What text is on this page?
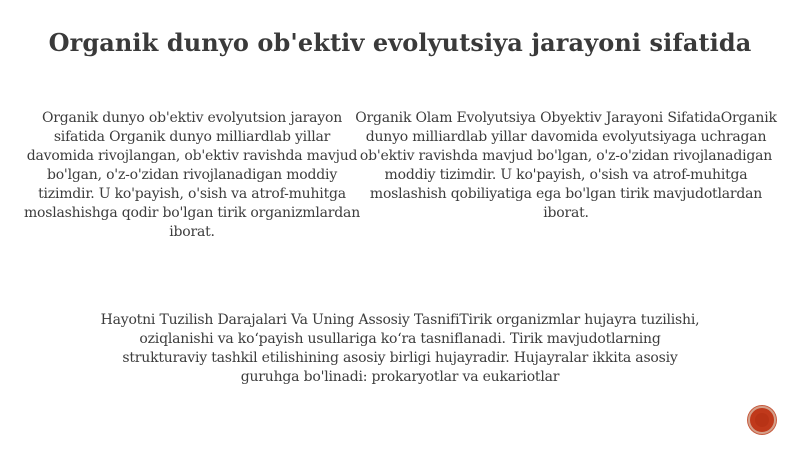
Organik dunyo ob'ektiv evolyutsiya jarayoni sifatida

Organik dunyo ob'ektiv evolyutsion jarayon sifatida Organik dunyo milliardlab yillar davomida rivojlangan, ob'ektiv ravishda mavjud bo'lgan, o'z-o'zidan rivojlanadigan moddiy tizimdir. U ko'payish, o'sish va atrof-muhitga moslashishga qodir bo'lgan tirik organizmlardan iborat.

Organik Olam Evolyutsiya Obyektiv Jarayoni SifatidaOrganik dunyo milliardlab yillar davomida evolyutsiyaga uchragan ob'ektiv ravishda mavjud bo'lgan, o'z-o'zidan rivojlanadigan moddiy tizimdir. U ko'payish, o'sish va atrof-muhitga moslashish qobiliyatiga ega bo'lgan tirik mavjudotlardan iborat.

Hayotni Tuzilish Darajalari Va Uning Assosiy TasnifiTirik organizmlar hujayra tuzilishi, oziqlanishi va ko‘payish usullariga ko‘ra tasniflanadi. Tirik mavjudotlarning strukturaviy tashkil etilishining asosiy birligi hujayradir. Hujayralar ikkita asosiy guruhga bo'linadi: prokaryotlar va eukariotlar
